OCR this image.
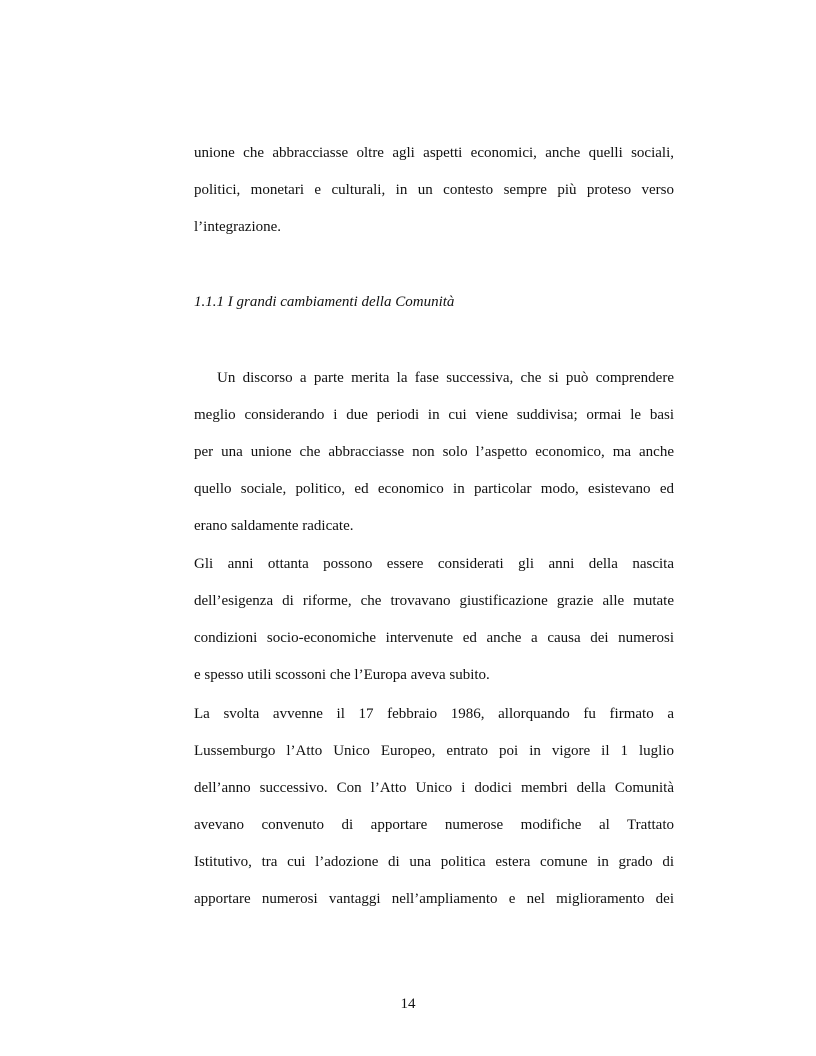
unione che abbracciasse oltre agli aspetti economici, anche quelli sociali,
politici, monetari e culturali, in un contesto sempre più proteso verso
l’integrazione.
1.1.1 I grandi cambiamenti della Comunità
Un discorso a parte merita la fase successiva, che si può comprendere
meglio considerando i due periodi in cui viene suddivisa; ormai le basi
per una unione che abbracciasse non solo l’aspetto economico, ma anche
quello sociale, politico, ed economico in particolar modo, esistevano ed
erano saldamente radicate.
Gli anni ottanta possono essere considerati gli anni della nascita
dell’esigenza di riforme, che trovavano giustificazione grazie alle mutate
condizioni socio-economiche intervenute ed anche a causa dei numerosi
e spesso utili scossoni che l’Europa aveva subito.
La svolta avvenne il 17 febbraio 1986, allorquando fu firmato a
Lussemburgo l’Atto Unico Europeo, entrato poi in vigore il 1 luglio
dell’anno successivo. Con l’Atto Unico i dodici membri della Comunità
avevano convenuto di apportare numerose modifiche al Trattato
Istitutivo, tra cui l’adozione di una politica estera comune in grado di
apportare numerosi vantaggi nell’ampliamento e nel miglioramento dei
14
